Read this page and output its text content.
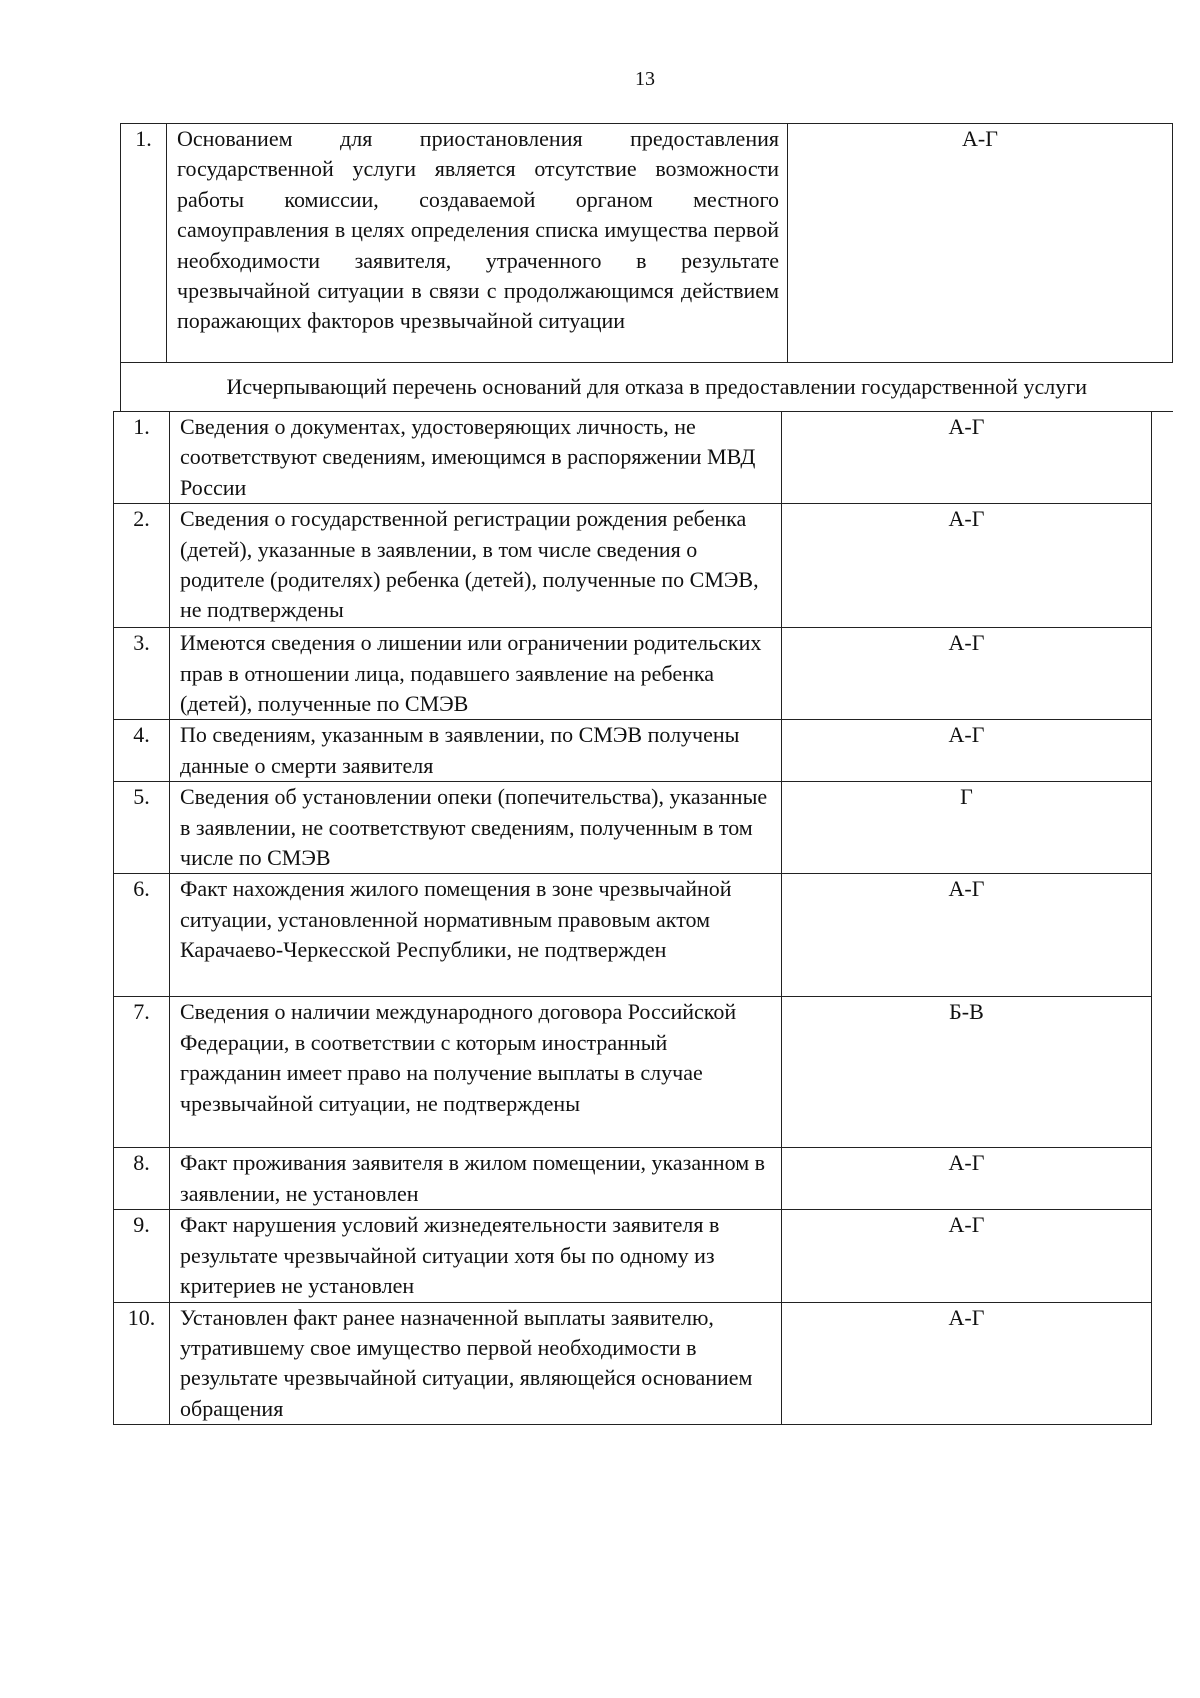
13
1.	Основанием для приостановления предоставления государственной услуги является отсутствие возможности работы комиссии, создаваемой органом местного самоуправления в целях определения списка имущества первой необходимости заявителя, утраченного в результате чрезвычайной ситуации в связи с продолжающимся действием поражающих факторов чрезвычайной ситуации	А-Г
Исчерпывающий перечень оснований для отказа в предоставлении государственной услуги
1.	Сведения о документах, удостоверяющих личность, не соответствуют сведениям, имеющимся в распоряжении МВД России	А-Г
2.	Сведения о государственной регистрации рождения ребенка (детей), указанные в заявлении, в том числе сведения о родителе (родителях) ребенка (детей), полученные по СМЭВ, не подтверждены	А-Г
3.	Имеются сведения о лишении или ограничении родительских прав в отношении лица, подавшего заявление на ребенка (детей), полученные по СМЭВ	А-Г
4.	По сведениям, указанным в заявлении, по СМЭВ получены данные о смерти заявителя	А-Г
5.	Сведения об установлении опеки (попечительства), указанные в заявлении, не соответствуют сведениям, полученным в том числе по СМЭВ	Г
6.	Факт нахождения жилого помещения в зоне чрезвычайной ситуации, установленной нормативным правовым актом Карачаево-Черкесской Республики, не подтвержден	А-Г
7.	Сведения о наличии международного договора Российской Федерации, в соответствии с которым иностранный гражданин имеет право на получение выплаты в случае чрезвычайной ситуации, не подтверждены	Б-В
8.	Факт проживания заявителя в жилом помещении, указанном в заявлении, не установлен	А-Г
9.	Факт нарушения условий жизнедеятельности заявителя в результате чрезвычайной ситуации хотя бы по одному из критериев не установлен	А-Г
10.	Установлен факт ранее назначенной выплаты заявителю, утратившему свое имущество первой необходимости в результате чрезвычайной ситуации, являющейся основанием обращения	А-Г
